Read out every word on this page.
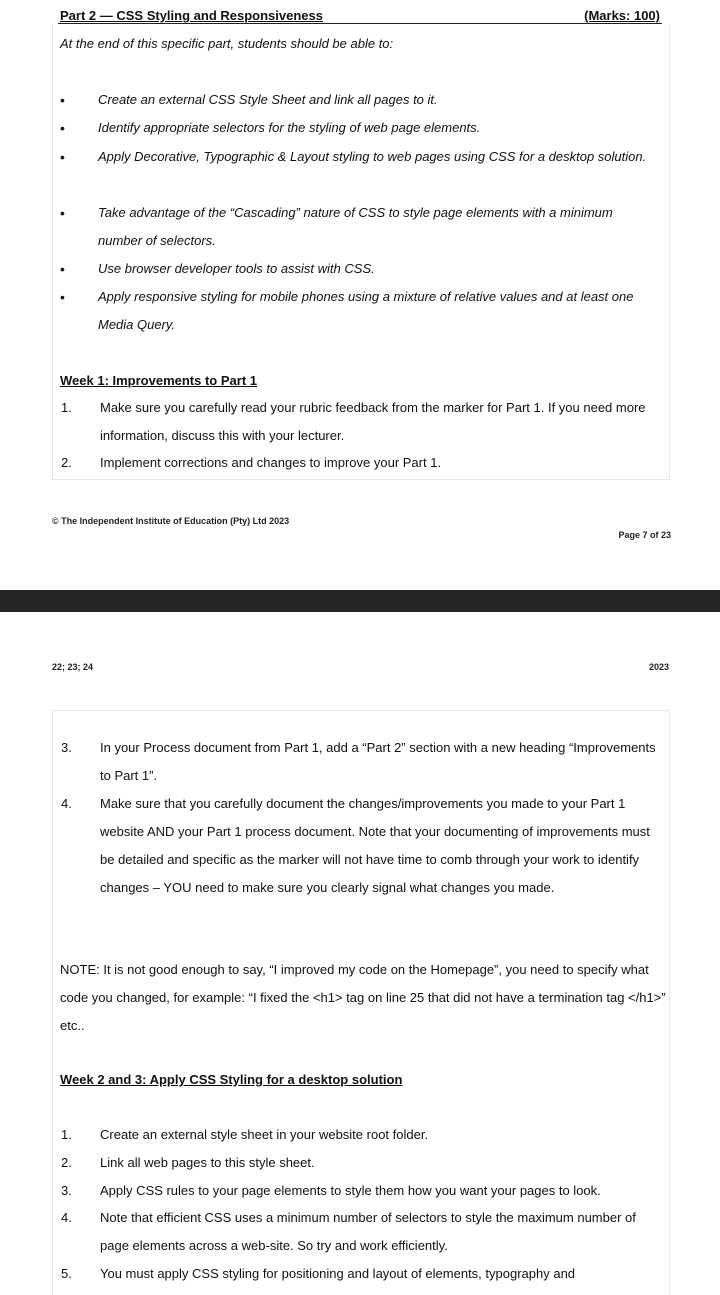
Part 2 — CSS Styling and Responsiveness	(Marks: 100)
At the end of this specific part, students should be able to:
•	Create an external CSS Style Sheet and link all pages to it.
•	Identify appropriate selectors for the styling of web page elements.
•	Apply Decorative, Typographic & Layout styling to web pages using CSS for a desktop solution.
•	Take advantage of the “Cascading” nature of CSS to style page elements with a minimum number of selectors.
•	Use browser developer tools to assist with CSS.
•	Apply responsive styling for mobile phones using a mixture of relative values and at least one Media Query.
Week 1: Improvements to Part 1
1. Make sure you carefully read your rubric feedback from the marker for Part 1. If you need more information, discuss this with your lecturer.
2. Implement corrections and changes to improve your Part 1.
© The Independent Institute of Education (Pty) Ltd 2023
Page 7 of 23
22; 23; 24	2023
3. In your Process document from Part 1, add a “Part 2” section with a new heading “Improvements to Part 1”.
4. Make sure that you carefully document the changes/improvements you made to your Part 1 website AND your Part 1 process document. Note that your documenting of improvements must be detailed and specific as the marker will not have time to comb through your work to identify changes – YOU need to make sure you clearly signal what changes you made.
NOTE: It is not good enough to say, “I improved my code on the Homepage”, you need to specify what code you changed, for example: “I fixed the <h1> tag on line 25 that did not have a termination tag </h1>” etc..
Week 2 and 3: Apply CSS Styling for a desktop solution
1. Create an external style sheet in your website root folder.
2. Link all web pages to this style sheet.
3. Apply CSS rules to your page elements to style them how you want your pages to look.
4. Note that efficient CSS uses a minimum number of selectors to style the maximum number of page elements across a web-site. So try and work efficiently.
5. You must apply CSS styling for positioning and layout of elements, typography and
